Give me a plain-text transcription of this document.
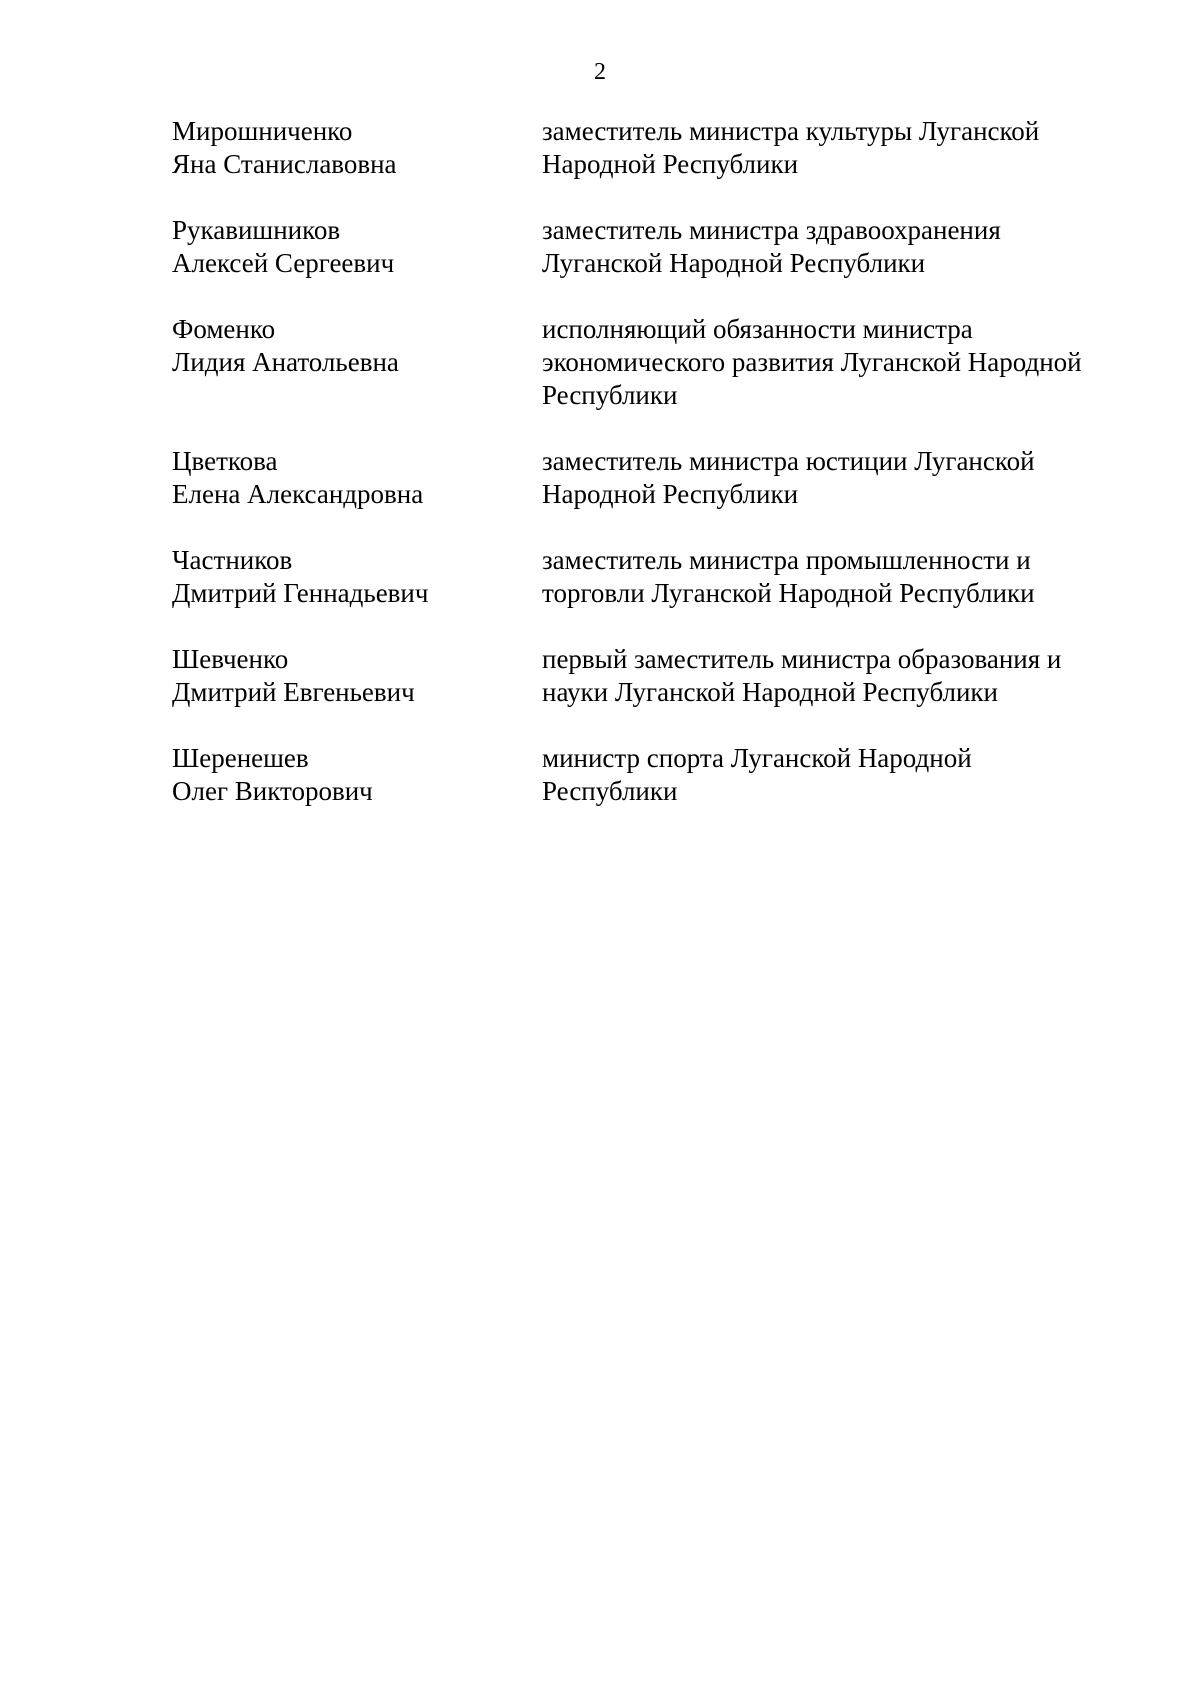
2
Мирошниченко
Яна Станиславовна
заместитель министра культуры Луганской
Народной Республики
Рукавишников
Алексей Сергеевич
заместитель министра здравоохранения
Луганской Народной Республики
Фоменко
Лидия Анатольевна
исполняющий обязанности министра
экономического развития Луганской Народной
Республики
Цветкова
Елена Александровна
заместитель министра юстиции Луганской
Народной Республики
Частников
Дмитрий Геннадьевич
заместитель министра промышленности и
торговли Луганской Народной Республики
Шевченко
Дмитрий Евгеньевич
первый заместитель министра образования и
науки Луганской Народной Республики
Шеренешев
Олег Викторович
министр спорта Луганской Народной
Республики
